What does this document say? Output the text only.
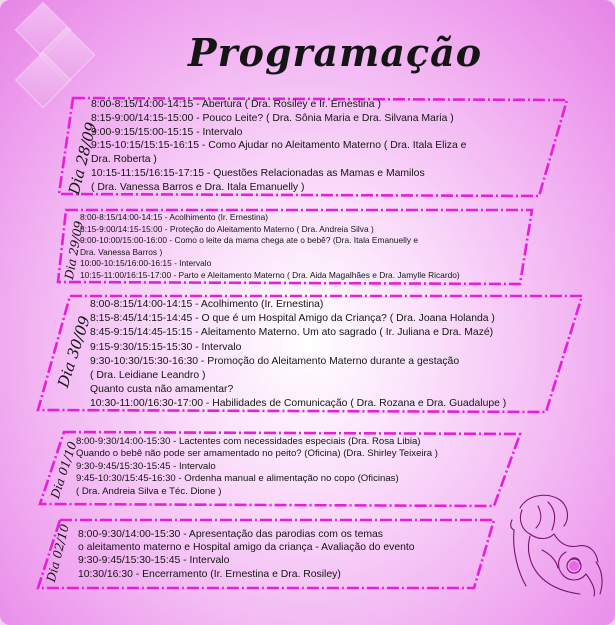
Programação
Dia 28/09
8:00-8:15/14:00-14:15 - Abertura ( Dra. Rosiley e Ir. Ernestina )
8:15-9:00/14:15-15:00 - Pouco Leite? ( Dra. Sônia Maria e Dra. Silvana Maria )
9:00-9:15/15:00-15:15 - Intervalo
9:15-10:15/15:15-16:15 - Como Ajudar no Aleitamento Materno ( Dra. Itala Eliza e
Dra. Roberta )
10:15-11:15/16:15-17:15 - Questões Relacionadas as Mamas e Mamilos
( Dra. Vanessa Barros e Dra. Itala Emanuelly )
Dia 29/09
8:00-8:15/14:00-14:15 - Acolhimento (Ir. Ernestina)
8:15-9:00/14:15-15:00 - Proteção do Aleitamento Materno ( Dra. Andreia Silva )
9:00-10:00/15:00-16:00 - Como o leite da mama chega ate o bebê? (Dra. Itala Emanuelly e
Dra. Vanessa Barros )
10:00-10:15/16:00-16:15 - Intervalo
10:15-11:00/16:15-17:00 - Parto e Aleitamento Materno ( Dra. Aida Magalhães e Dra. Jamylle Ricardo)
Dia 30/09
8:00-8:15/14:00-14:15 - Acolhimento (Ir. Ernestina)
8:15-8:45/14:15-14:45 - O que é um Hospital Amigo da Criança? ( Dra. Joana Holanda )
8:45-9:15/14:45-15:15 - Aleitamento Materno. Um ato sagrado ( Ir. Juliana e Dra. Mazé)
9:15-9:30/15:15-15:30 - Intervalo
9:30-10:30/15:30-16:30 - Promoção do Aleitamento Materno durante a gestação
( Dra. Leidiane Leandro )
Quanto custa não amamentar?
10:30-11:00/16:30-17:00 - Habilidades de Comunicação ( Dra. Rozana e Dra. Guadalupe )
Dia 01/10
8:00-9:30/14:00-15:30 - Lactentes com necessidades especiais (Dra. Rosa Libia)
Quando o bebê não pode ser amamentado no peito? (Oficina) (Dra. Shirley Teixeira )
9:30-9:45/15:30-15:45 - Intervalo
9:45-10:30/15:45-16:30 - Ordenha manual e alimentação no copo (Oficinas)
( Dra. Andreia Silva e Téc. Dione )
Dia 02/10 8:00-9:30/14:00-15:30 - Apresentação das parodias com os temas
o aleitamento materno e Hospital amigo da criança - Avaliação do evento
9:30-9:45/15:30-15:45 - Intervalo
10:30/16:30 - Encerramento (Ir. Ernestina e Dra. Rosiley)
